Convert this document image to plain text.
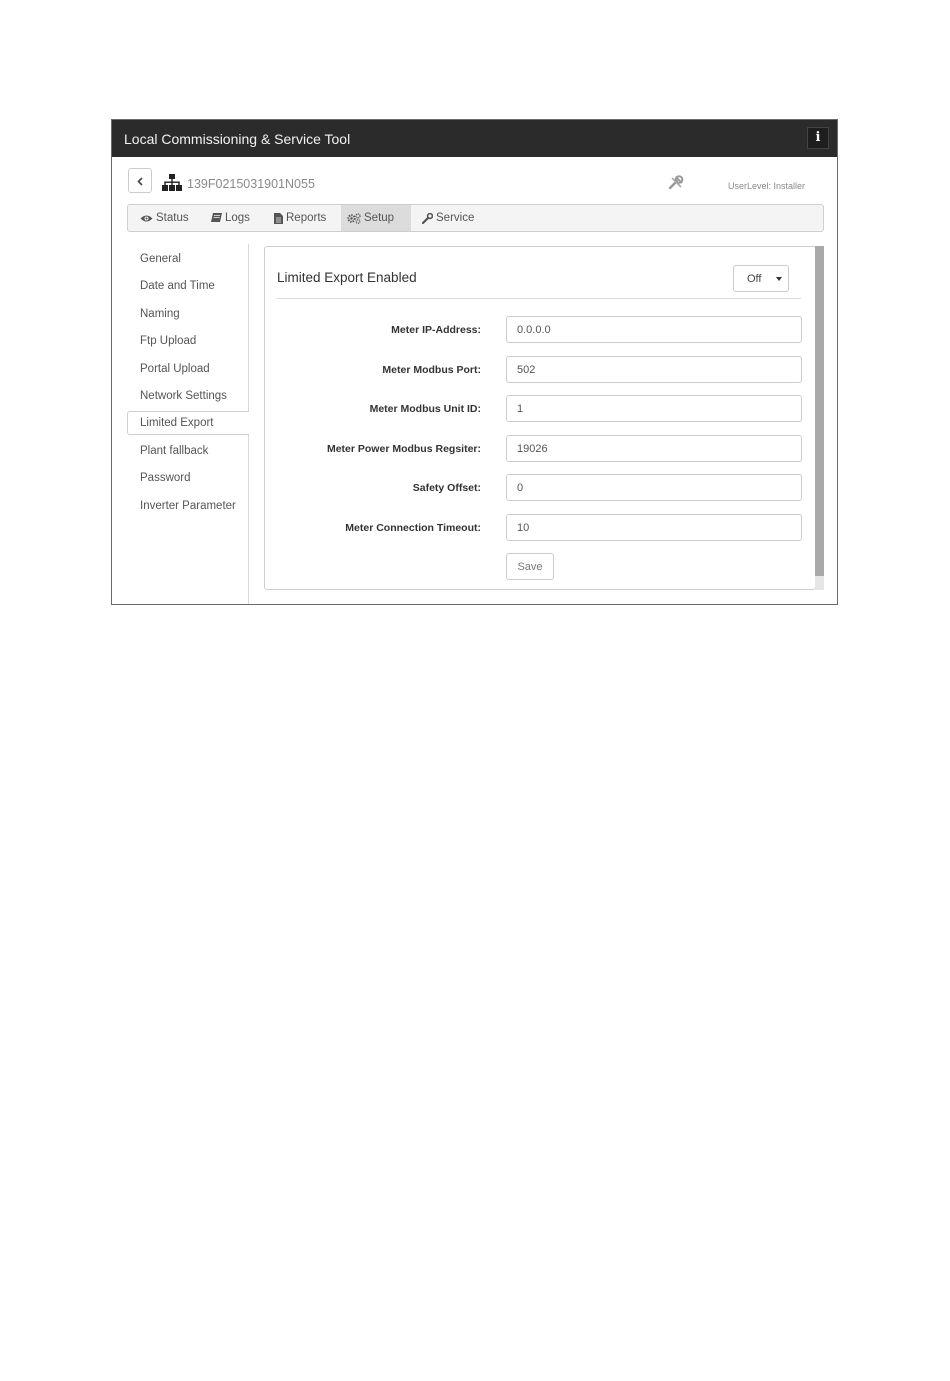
Local Commissioning & Service Tool	i
139F0215031901N055	UserLevel: Installer
Status	Logs	Reports	Setup	Service
General
Date and Time
Naming
Ftp Upload
Portal Upload
Network Settings
Limited Export
Plant fallback
Password
Inverter Parameter
Limited Export Enabled	Off
Meter IP-Address:
0.0.0.0
Meter Modbus Port:
502
Meter Modbus Unit ID:
1
Meter Power Modbus Regsiter:
19026
Safety Offset:
0
Meter Connection Timeout:
10
Save
